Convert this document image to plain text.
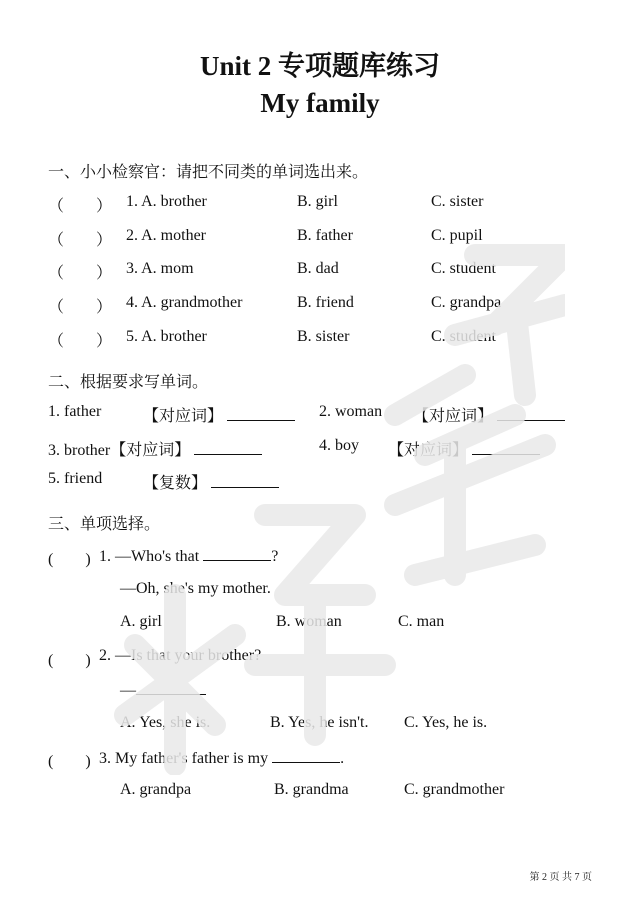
Unit 2 专项题库练习
My family
一、小小检察官：请把不同类的单词选出来。
（　　） 1. A. brother	B. girl	C. sister
（　　） 2. A. mother	B. father	C. pupil
（　　） 3. A. mom	B. dad	C. student
（　　） 4. A. grandmother	B. friend	C. grandpa
（　　） 5. A. brother	B. sister	C. student
二、根据要求写单词。
1. father	【对应词】	2. woman 【对应词】
3. brother【对应词】	4. boy 【对应词】
5. friend	【复数】
三、单项选择。
(　　) 1. —Who's that	?
—Oh, she's my mother.
A. girl	B. woman	C. man
(　　) 2. —Is that your brother?
—
A. Yes, she is.	B. Yes, he isn't. C. Yes, he is.
(　　) 3. My father's father is my	.
A. grandpa	B. grandma	C. grandmother
第 2 页 共 7 页
